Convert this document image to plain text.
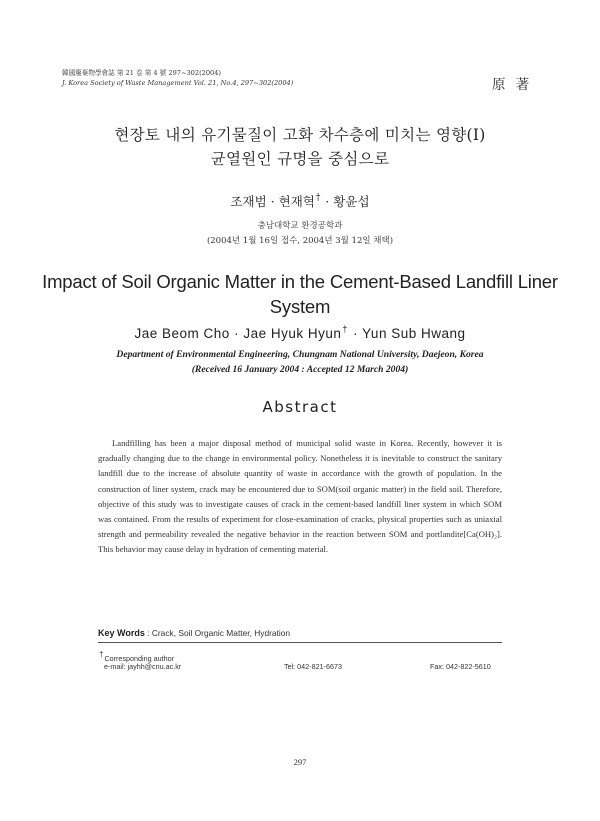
韓國廢棄物學會誌 第 21 卷 第 4 號 297~302(2004)
J. Korea Society of Waste Management Vol. 21, No.4, 297~302(2004)	原 著
현장토 내의 유기물질이 고화 차수층에 미치는 영향(Ⅰ)
균열원인 규명을 중심으로
조재범 · 현재혁† · 황윤섭
충남대학교 환경공학과
(2004년 1월 16일 접수, 2004년 3월 12일 채택)
Impact of Soil Organic Matter in the Cement-Based Landfill Liner
System
Jae Beom Cho · Jae Hyuk Hyun† · Yun Sub Hwang
Department of Environmental Engineering, Chungnam National University, Daejeon, Korea
(Received 16 January 2004 : Accepted 12 March 2004)
Abstract
Landfilling has been a major disposal method of municipal solid waste in Korea. Recently, however it is gradually changing due to the change in environmental policy. Nonetheless it is inevitable to construct the sanitary landfill due to the increase of absolute quantity of waste in accordance with the growth of population. In the construction of liner system, crack may be encountered due to SOM(soil organic matter) in the field soil. Therefore, objective of this study was to investigate causes of crack in the cement-based landfill liner system in which SOM was contained. From the results of experiment for close-examination of cracks, physical properties such as uniaxial strength and permeability revealed the negative behavior in the reaction between SOM and portlandite[Ca(OH)₂]. This behavior may cause delay in hydration of cementing material.
Key Words : Crack, Soil Organic Matter, Hydration
†Corresponding author
e-mail: jayhh@cnu.ac.kr	Tel: 042-821-6673	Fax: 042-822-5610
297
